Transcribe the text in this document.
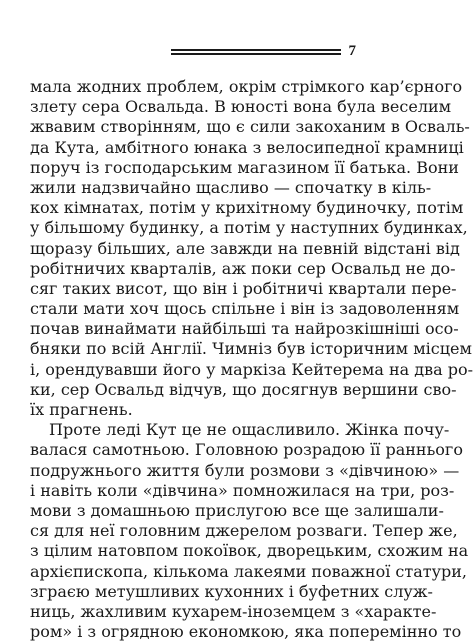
7
мала жодних проблем, окрім стрімкого кар’єрного
злету сера Освальда. В юності вона була веселим
жвавим створінням, що є сили закоханим в Осваль-
да Кута, амбітного юнака з велосипедної крамниці
поруч із господарським магазином її батька. Вони
жили надзвичайно щасливо — спочатку в кіль-
кох кімнатах, потім у крихітному будиночку, потім
у більшому будинку, а потім у наступних будинках,
щоразу більших, але завжди на певній відстані від
робітничих кварталів, аж поки сер Освальд не до-
сяг таких висот, що він і робітничі квартали пере-
стали мати хоч щось спільне і він із задоволенням
почав винаймати найбільші та найрозкішніші осо-
бняки по всій Англії. Чимніз був історичним місцем
і, орендувавши його у маркіза Кейтерема на два ро-
ки, сер Освальд відчув, що досягнув вершини сво-
їх прагнень.
Проте леді Кут це не ощасливило. Жінка почу-
валася самотньою. Головною розрадою її раннього
подружнього життя були розмови з «дівчиною» —
і навіть коли «дівчина» помножилася на три, роз-
мови з домашньою прислугою все ще залишали-
ся для неї головним джерелом розваги. Тепер же,
з цілим натовпом покоївок, дворецьким, схожим на
архієпископа, кількома лакеями поважної статури,
зграєю метушливих кухонних і буфетних служ-
ниць, жахливим кухарем-іноземцем з «характе-
ром» і з огрядною економкою, яка поперемінно то
